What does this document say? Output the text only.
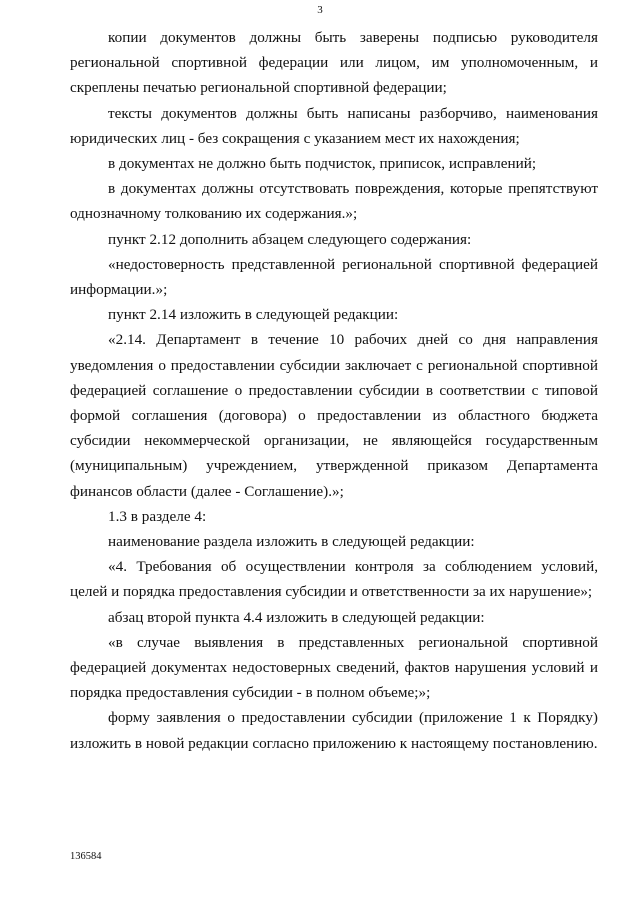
3

копии документов должны быть заверены подписью руководителя региональной спортивной федерации или лицом, им уполномоченным, и скреплены печатью региональной спортивной федерации;

тексты документов должны быть написаны разборчиво, наименования юридических лиц - без сокращения с указанием мест их нахождения;

в документах не должно быть подчисток, приписок, исправлений;

в документах должны отсутствовать повреждения, которые препятствуют однозначному толкованию их содержания.»;

пункт 2.12 дополнить абзацем следующего содержания:

«недостоверность представленной региональной спортивной федерацией информации.»;

пункт 2.14 изложить в следующей редакции:

«2.14. Департамент в течение 10 рабочих дней со дня направления уведомления о предоставлении субсидии заключает с региональной спортивной федерацией соглашение о предоставлении субсидии в соответствии с типовой формой соглашения (договора) о предоставлении из областного бюджета субсидии некоммерческой организации, не являющейся государственным (муниципальным) учреждением, утвержденной приказом Департамента финансов области (далее - Соглашение).»;

1.3 в разделе 4:

наименование раздела изложить в следующей редакции:

«4. Требования об осуществлении контроля за соблюдением условий, целей и порядка предоставления субсидии и ответственности за их нарушение»;

абзац второй пункта 4.4 изложить в следующей редакции:

«в случае выявления в представленных региональной спортивной федерацией документах недостоверных сведений, фактов нарушения условий и порядка предоставления субсидии - в полном объеме;»;

форму заявления о предоставлении субсидии (приложение 1 к Порядку) изложить в новой редакции согласно приложению к настоящему постановлению.

136584
